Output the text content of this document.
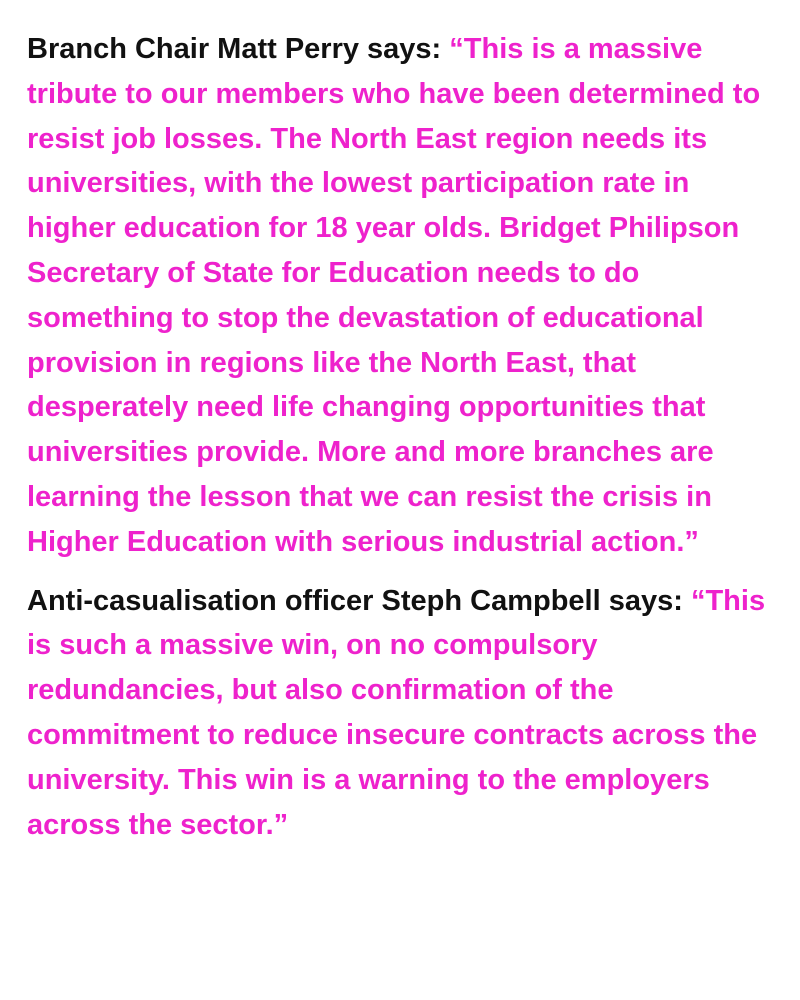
Branch Chair Matt Perry says: “This is a massive tribute to our members who have been determined to resist job losses. The North East region needs its universities, with the lowest participation rate in higher education for 18 year olds. Bridget Philipson Secretary of State for Education needs to do something to stop the devastation of educational provision in regions like the North East, that desperately need life changing opportunities that universities provide. More and more branches are learning the lesson that we can resist the crisis in Higher Education with serious industrial action.”

Anti-casualisation officer Steph Campbell says: “This is such a massive win, on no compulsory redundancies, but also confirmation of the commitment to reduce insecure contracts across the university. This win is a warning to the employers across the sector.”
